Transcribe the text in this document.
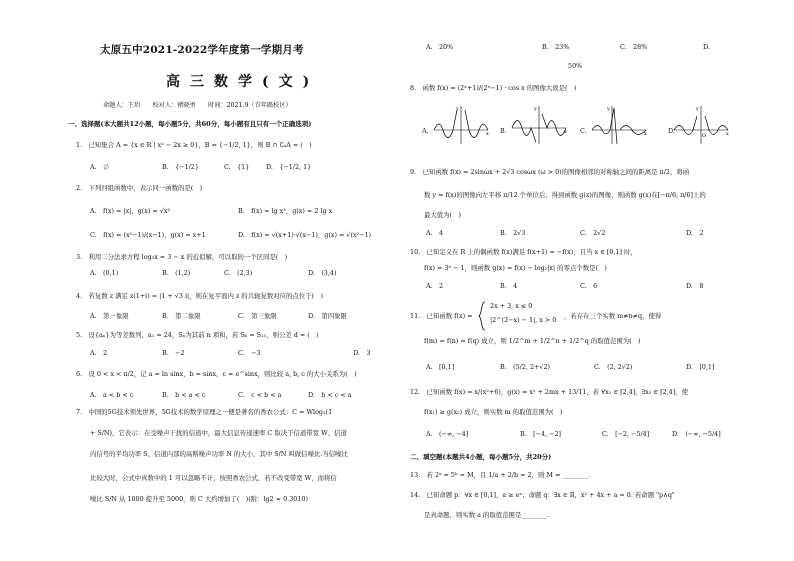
太原五中2021-2022学年度第一学期月考
高三数学(文)
命题人：王玥　　校对人：褚晓勇　　时间：2021.9（青年路校区）
一、选择题(本大题共12小题，每小题5分，共60分，每小题有且只有一个正确选项)
1.　已知集合 A = {x ∈ R | x² − 2x ≥ 0}，B = {−1/2, 1}，则 B ∩ ∁ₐA = (　)
A.　∅	B.　{−1/2}	C.　{1}	D.　{−1/2, 1}
2.　下列四组函数中，表示同一函数的是(　)
A.　f(x) = |x|，g(x) = √x²	B.　f(x) = lg x²，g(x) = 2 lg x
C.　f(x) = (x²−1)/(x−1)，g(x) = x+1	D.　f(x) = √(x+1)·√(x−1)，g(x) = √(x²−1)
3.　利用二分法求方程 log₃x = 3 − x 的近似解，可以取的一个区间是(　)
A.　(0,1)	B.　(1,2)	C.　(2,3)	D.　(3,4)
4.　若复数 z 满足 z(1+i) = |1 + √3 i|，则在复平面内 z 的共轭复数对应的点位于(　)
A.　第一象限	B.　第二象限	C.　第三象限	D.　第四象限
5.　设{aₙ}为等差数列，a₁ = 24，Sₙ为其前 n 项和，若 S₆ = S₁₁，则公差 d = (　)
A.　2	B.　−2	C.　−3	D.　3
6.　设 0 < x < π/2，记 a = ln sinx，b = sinx，c = e^sinx，则比较 a, b, c 的大小关系为(　)
A.　a < b < c	B.　b < a < c	C.　c < b < a	D.　b < c < a
7.　中国的5G技术领先世界，5G技术的数学原理之一便是著名的香农公式：C = Wlog₂(1
+ S/N)，它表示：在受噪声干扰的信道中，最大信息传递速率 C 取决于信道带宽 W、信道
内信号的平均功率 S、信道内部的高斯噪声功率 N 的大小，其中 S/N 叫做信噪比.当信噪比
比较大时，公式中真数中的 1 可以忽略不计，按照香农公式，若不改变带宽 W，而将信
噪比 S/N 从 1000 提升至 5000，则 C 大约增加了(　)(附：lg2 ≈ 0.3010)
A.　20%	B.　23%	C.　28%	D.
50%
8.　函数 f(x) = (2ˣ+1)/(2ˣ−1) · cos x 的图像大致是(　)
A.
y
x B.
y
x C.
y
x	D.
y
x
O
9.　已知函数 f(x) = 2sinωx + 2√3 cosωx (ω > 0)的图像相邻的对称轴之间的距离是 π/2，将函
数 y = f(x)的图像向左平移 π/12 个单位后，得到函数 g(x)的图像，则函数 g(x)在[−π/6, π/6]上的
最大值为(　)
A.　4	B.　2√3	C.　2√2	D.　2
10.　已知定义在 R 上的偶函数 f(x)满足 f(x+1) = −f(x)，且当 x ∈ [0,1] 时，
f(x) = 3ˣ − 1，则函数 g(x) = f(x) − log₂|x| 的零点个数是(　)
A.　2	B.　4	C.　6	D.　8
11.　已知函数 f(x) =
2x + 3, x ≤ 0
|2^(2−x) − 1|, x > 0 ，若存在三个实数 m≠n≠q，使得
f(m) = f(n) = f(q) 成立，则 1/2^m + 1/2^n + 1/2^q 的取值范围为(　)
A.　[0,1]	B.　(5/2, 2+√2)	C.　(2, 2√2)	D.　[0,1]
12.　已知函数 f(x) = x/(x²+6)，g(x) = x² + 2mx + 13/11，若 ∀x₁ ∈ [2,4]，∃x₂ ∈ [2,4]，使
f(x₁) ≥ g(x₂) 成立，则实数 m 的取值范围为(　)
A.　(−∞, −4]	B.　[−4, −2]	C.　[−2, −5/4]	D.　(−∞, −5/4]
二、填空题(本题共4小题，每小题5分，共20分)
13.　若 2ᵃ = 5ᵇ = M，且 1/a + 2/b = 2，则 M = ________.
14.　已知命题 p：∀x ∈ [0,1]，a ≥ eˣ；命题 q：∃x ∈ R，x² + 4x + a = 0. 若命题 "p∧q"
是真命题，则实数 a 的取值范围是________.
